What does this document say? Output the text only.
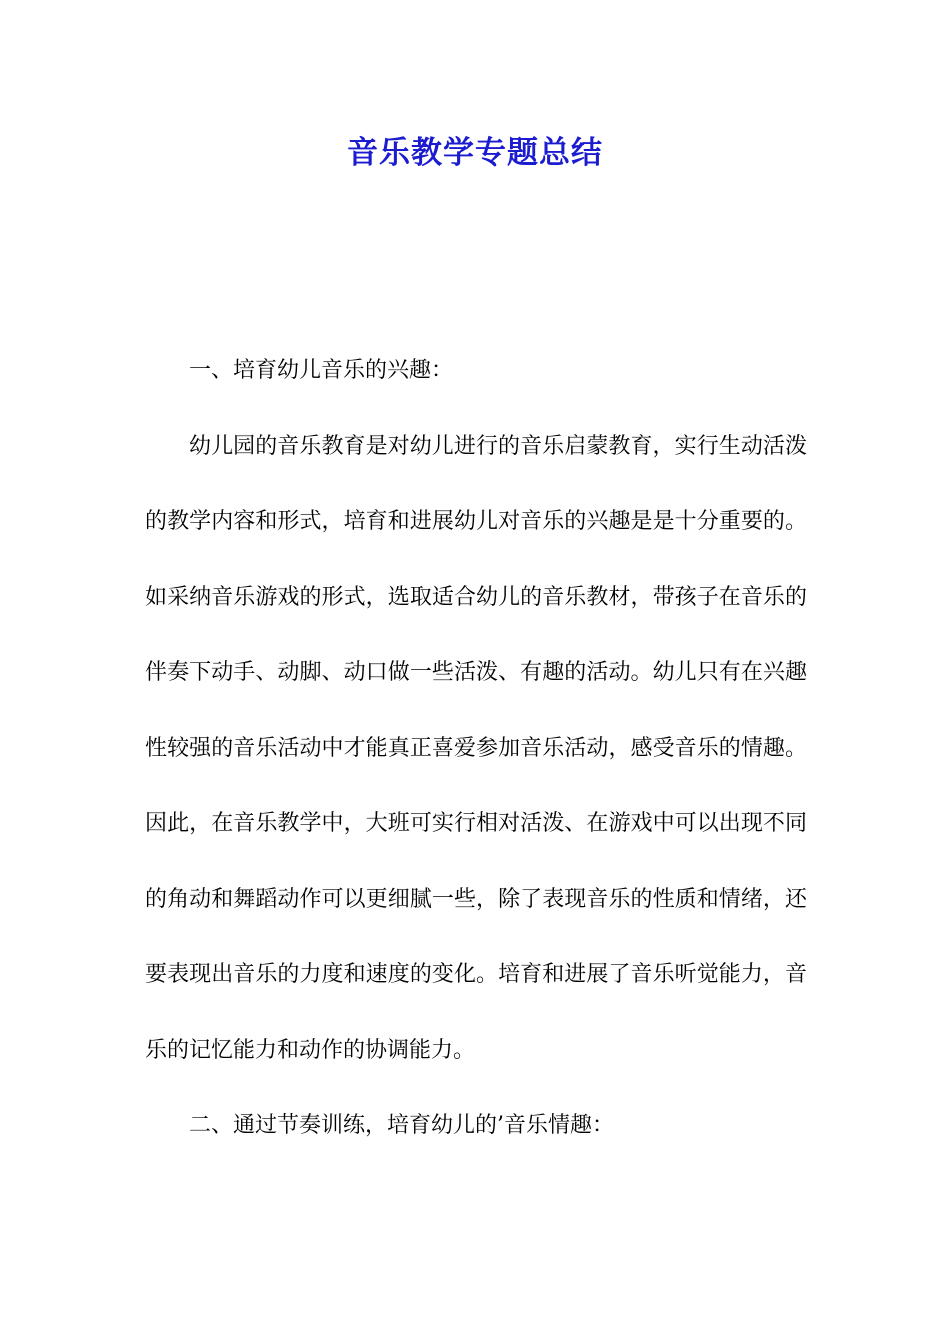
音乐教学专题总结

一、培育幼儿音乐的兴趣：

幼儿园的音乐教育是对幼儿进行的音乐启蒙教育，实行生动活泼的教学内容和形式，培育和进展幼儿对音乐的兴趣是是十分重要的。如采纳音乐游戏的形式，选取适合幼儿的音乐教材，带孩子在音乐的伴奏下动手、动脚、动口做一些活泼、有趣的活动。幼儿只有在兴趣性较强的音乐活动中才能真正喜爱参加音乐活动，感受音乐的情趣。因此，在音乐教学中，大班可实行相对活泼、在游戏中可以出现不同的角动和舞蹈动作可以更细腻一些，除了表现音乐的性质和情绪，还要表现出音乐的力度和速度的变化。培育和进展了音乐听觉能力，音乐的记忆能力和动作的协调能力。

二、通过节奏训练，培育幼儿的’音乐情趣：
